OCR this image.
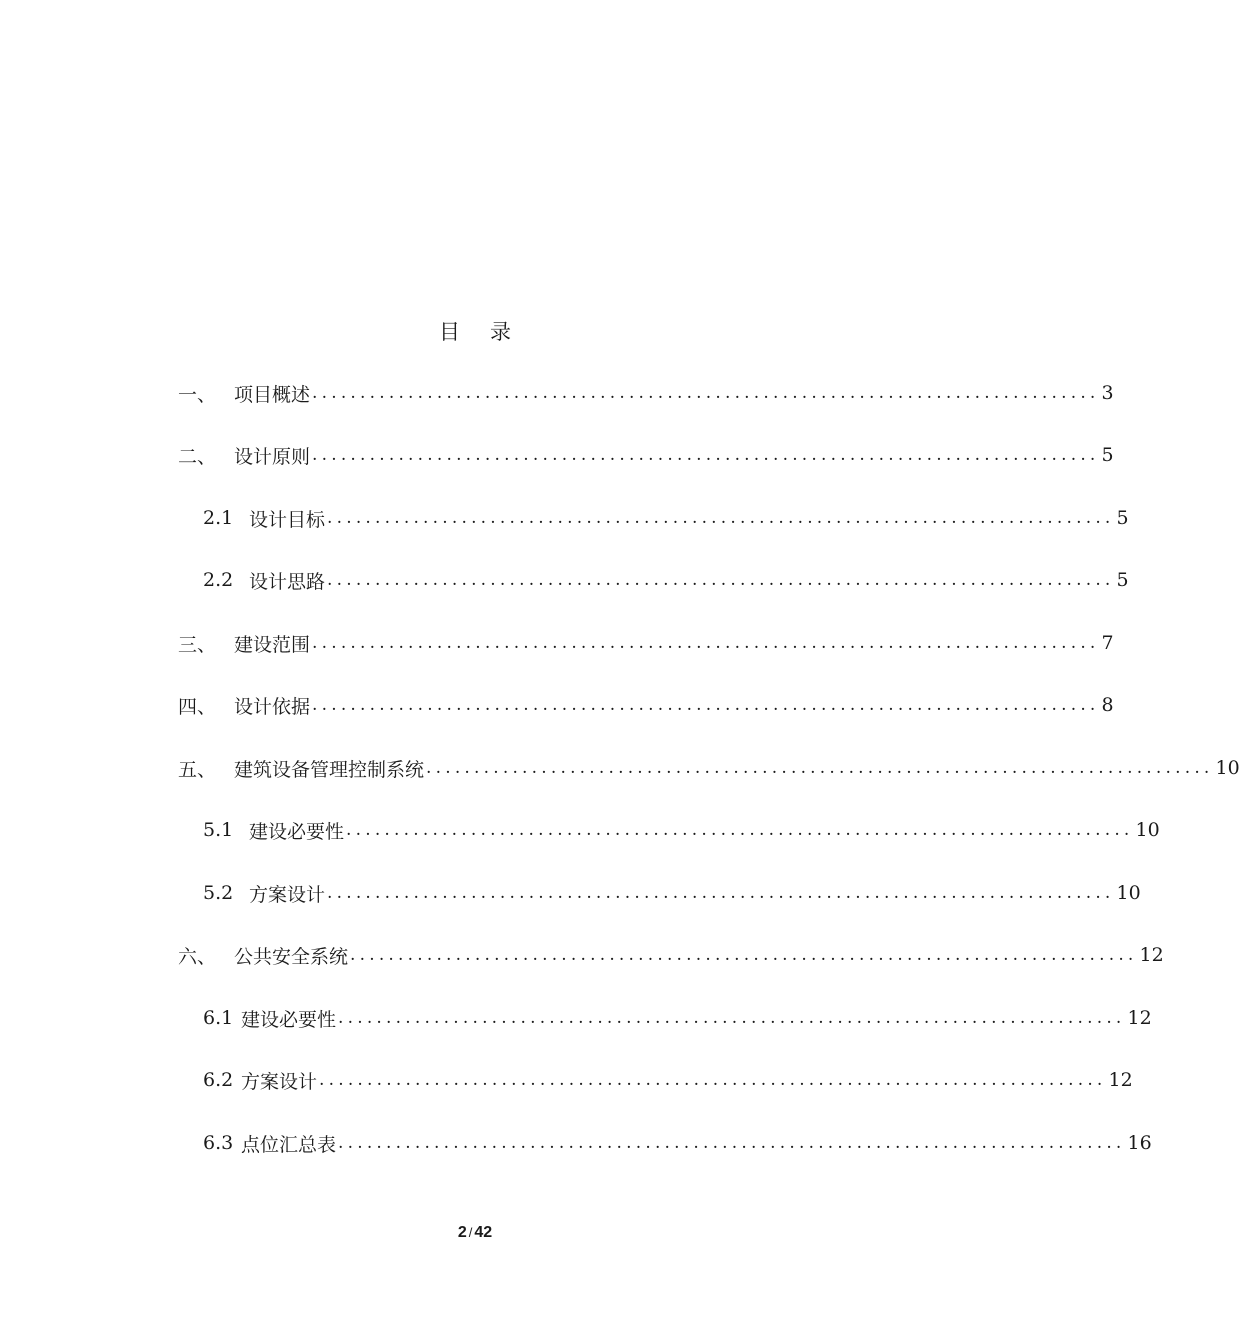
目 录
一、 项目概述 .................................................................................. 3
二、 设计原则 .................................................................................. 5
2.1 设计目标 .................................................................................. 5
2.2 设计思路 .................................................................................. 5
三、 建设范围 .................................................................................. 7
四、 设计依据 .................................................................................. 8
五、 建筑设备管理控制系统 .................................................................................. 10
5.1 建设必要性 .................................................................................. 10
5.2 方案设计 .................................................................................. 10
六、 公共安全系统 .................................................................................. 12
6.1 建设必要性 .................................................................................. 12
6.2 方案设计 .................................................................................. 12
6.3 点位汇总表 .................................................................................. 16
2 / 42
